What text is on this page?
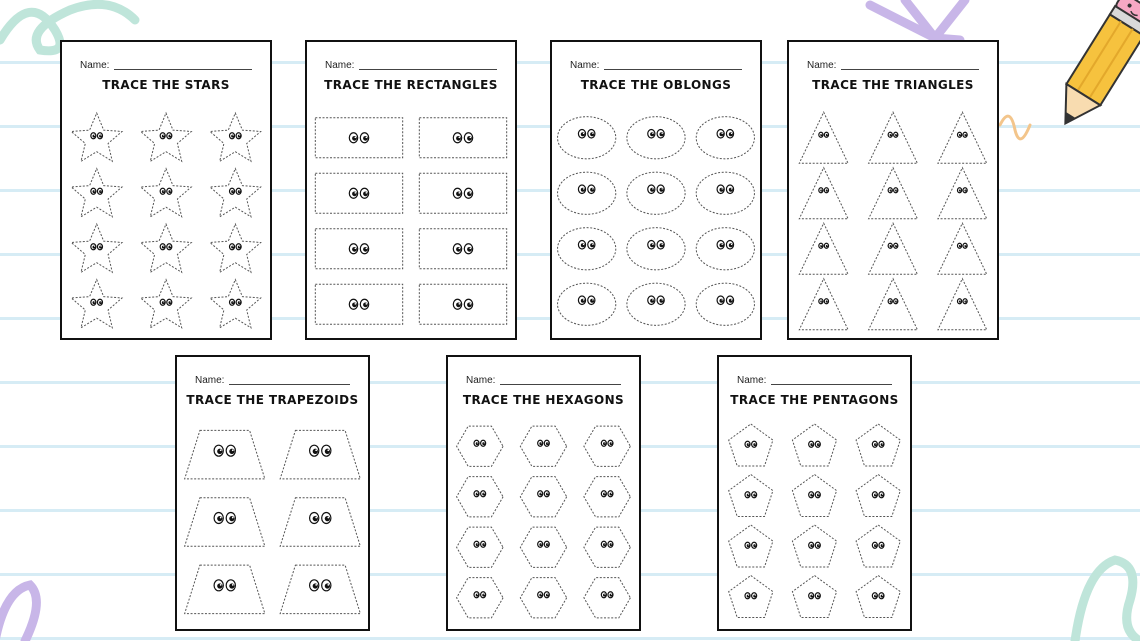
Name:
TRACE THE STARS
Name:
TRACE THE RECTANGLES
Name:
TRACE THE OBLONGS
Name:
TRACE THE TRIANGLES
Name:
TRACE THE TRAPEZOIDS
Name:
TRACE THE HEXAGONS
Name:
TRACE THE PENTAGONS
